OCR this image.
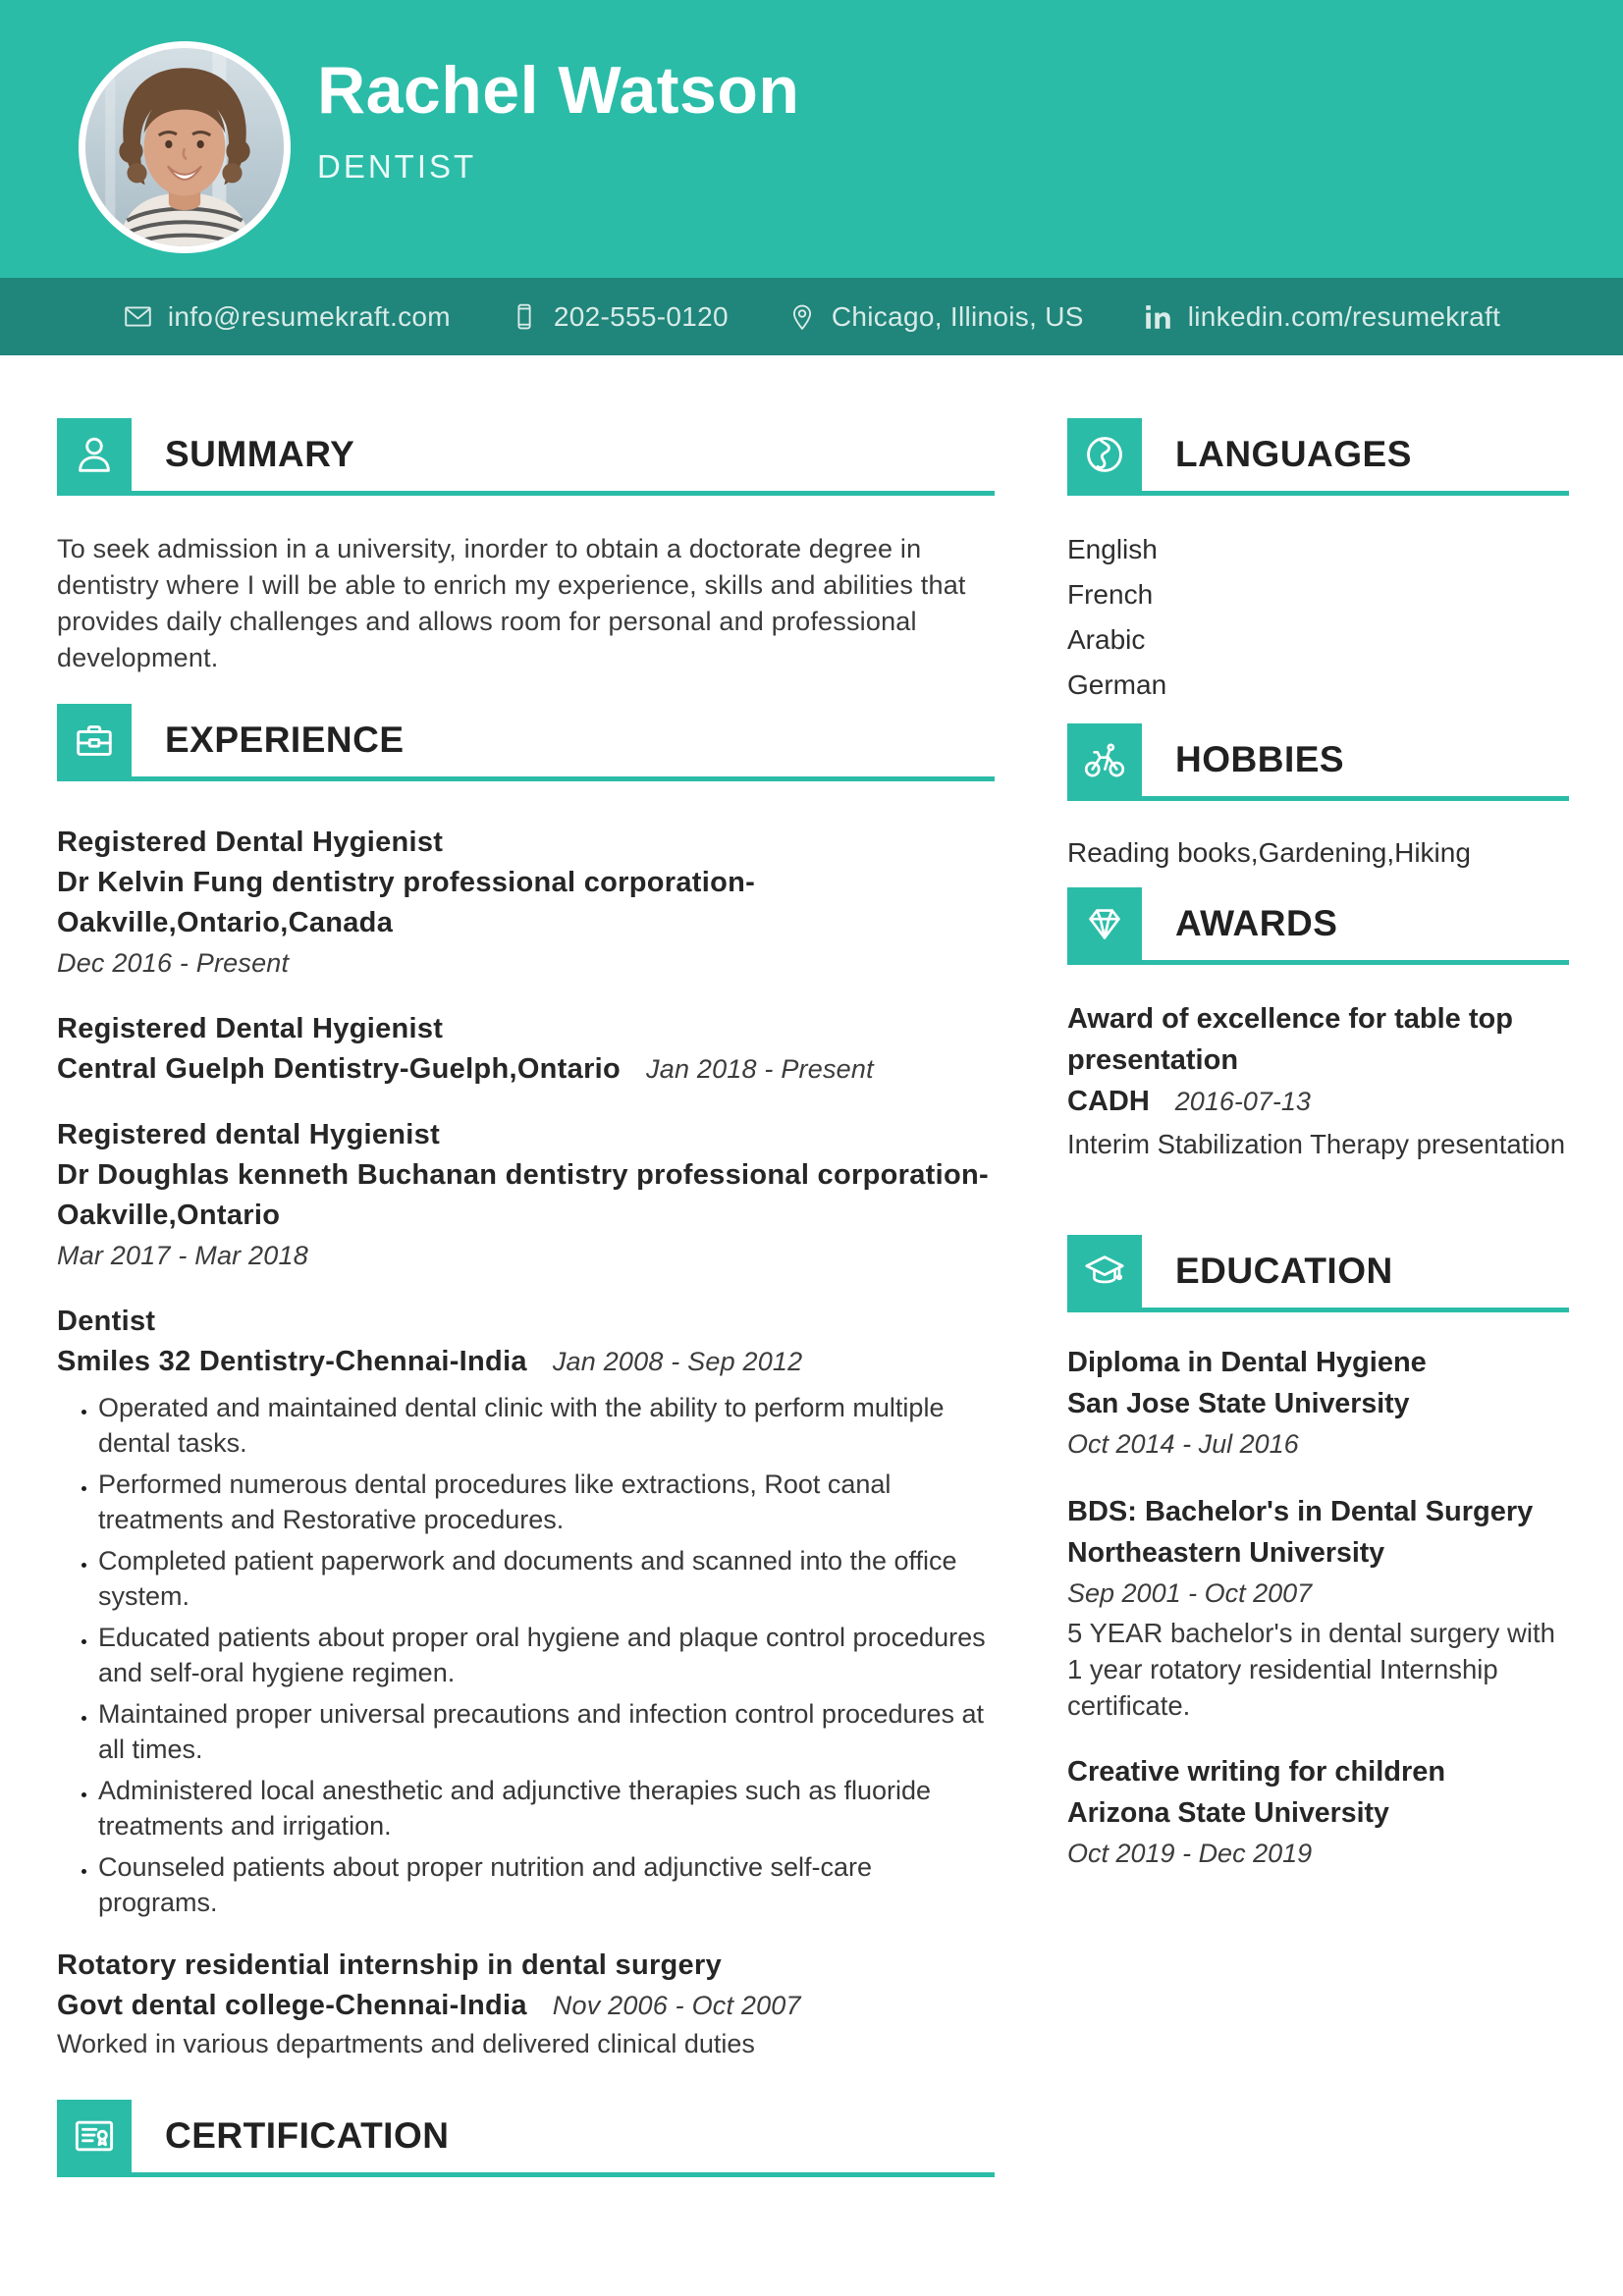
Rachel Watson
DENTIST
info@resumekraft.com	202-555-0120	Chicago, Illinois, US	linkedin.com/resumekraft
SUMMARY

To seek admission in a university, inorder to obtain a doctorate degree in dentistry where I will be able to enrich my experience, skills and abilities that provides daily challenges and allows room for personal and professional development.

EXPERIENCE
Registered Dental Hygienist
Dr Kelvin Fung dentistry professional corporation-Oakville,Ontario,Canada
Dec 2016 - Present
Registered Dental Hygienist
Central Guelph Dentistry-Guelph,Ontario Jan 2018 - Present
Registered dental Hygienist
Dr Doughlas kenneth Buchanan dentistry professional corporation-Oakville,Ontario
Mar 2017 - Mar 2018
Dentist
Smiles 32 Dentistry-Chennai-India Jan 2008 - Sep 2012
• Operated and maintained dental clinic with the ability to perform multiple dental tasks.
• Performed numerous dental procedures like extractions, Root canal treatments and Restorative procedures.
• Completed patient paperwork and documents and scanned into the office system.
• Educated patients about proper oral hygiene and plaque control procedures and self-oral hygiene regimen.
• Maintained proper universal precautions and infection control procedures at all times.
• Administered local anesthetic and adjunctive therapies such as fluoride treatments and irrigation.
• Counseled patients about proper nutrition and adjunctive self-care programs.
Rotatory residential internship in dental surgery
Govt dental college-Chennai-India Nov 2006 - Oct 2007
Worked in various departments and delivered clinical duties
CERTIFICATION
LANGUAGES
English
French
Arabic
German
HOBBIES
Reading books,Gardening,Hiking
AWARDS
Award of excellence for table top presentation
CADH 2016-07-13
Interim Stabilization Therapy presentation
EDUCATION
Diploma in Dental Hygiene
San Jose State University
Oct 2014 - Jul 2016
BDS: Bachelor's in Dental Surgery
Northeastern University
Sep 2001 - Oct 2007
5 YEAR bachelor's in dental surgery with 1 year rotatory residential Internship certificate.
Creative writing for children
Arizona State University
Oct 2019 - Dec 2019
